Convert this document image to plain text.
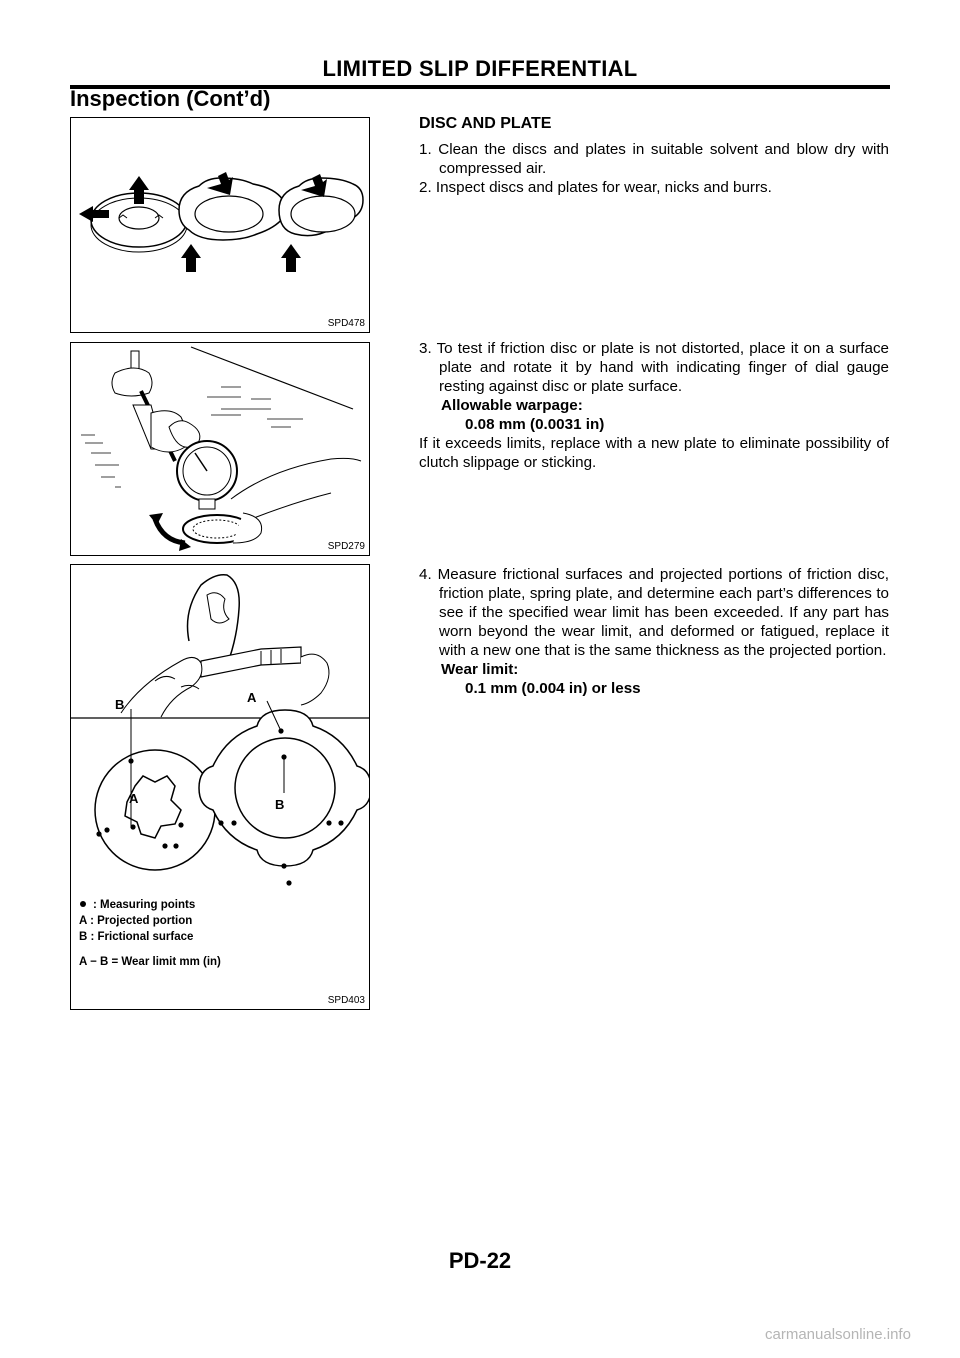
LIMITED SLIP DIFFERENTIAL
Inspection (Cont’d)
SPD478
SPD279
B
A
A
B
: Measuring points
A : Projected portion
B : Frictional surface
A − B = Wear limit mm (in)
SPD403
DISC AND PLATE
1. Clean the discs and plates in suitable solvent and blow dry with compressed air.
2. Inspect discs and plates for wear, nicks and burrs.
3. To test if friction disc or plate is not distorted, place it on a surface plate and rotate it by hand with indicating finger of dial gauge resting against disc or plate surface.
Allowable warpage:
0.08 mm (0.0031 in)
If it exceeds limits, replace with a new plate to eliminate possibility of clutch slippage or sticking.
4. Measure frictional surfaces and projected portions of friction disc, friction plate, spring plate, and determine each part’s differences to see if the specified wear limit has been exceeded. If any part has worn beyond the wear limit, and deformed or fatigued, replace it with a new one that is the same thickness as the projected portion.
Wear limit:
0.1 mm (0.004 in) or less
PD-22
carmanualsonline.info
